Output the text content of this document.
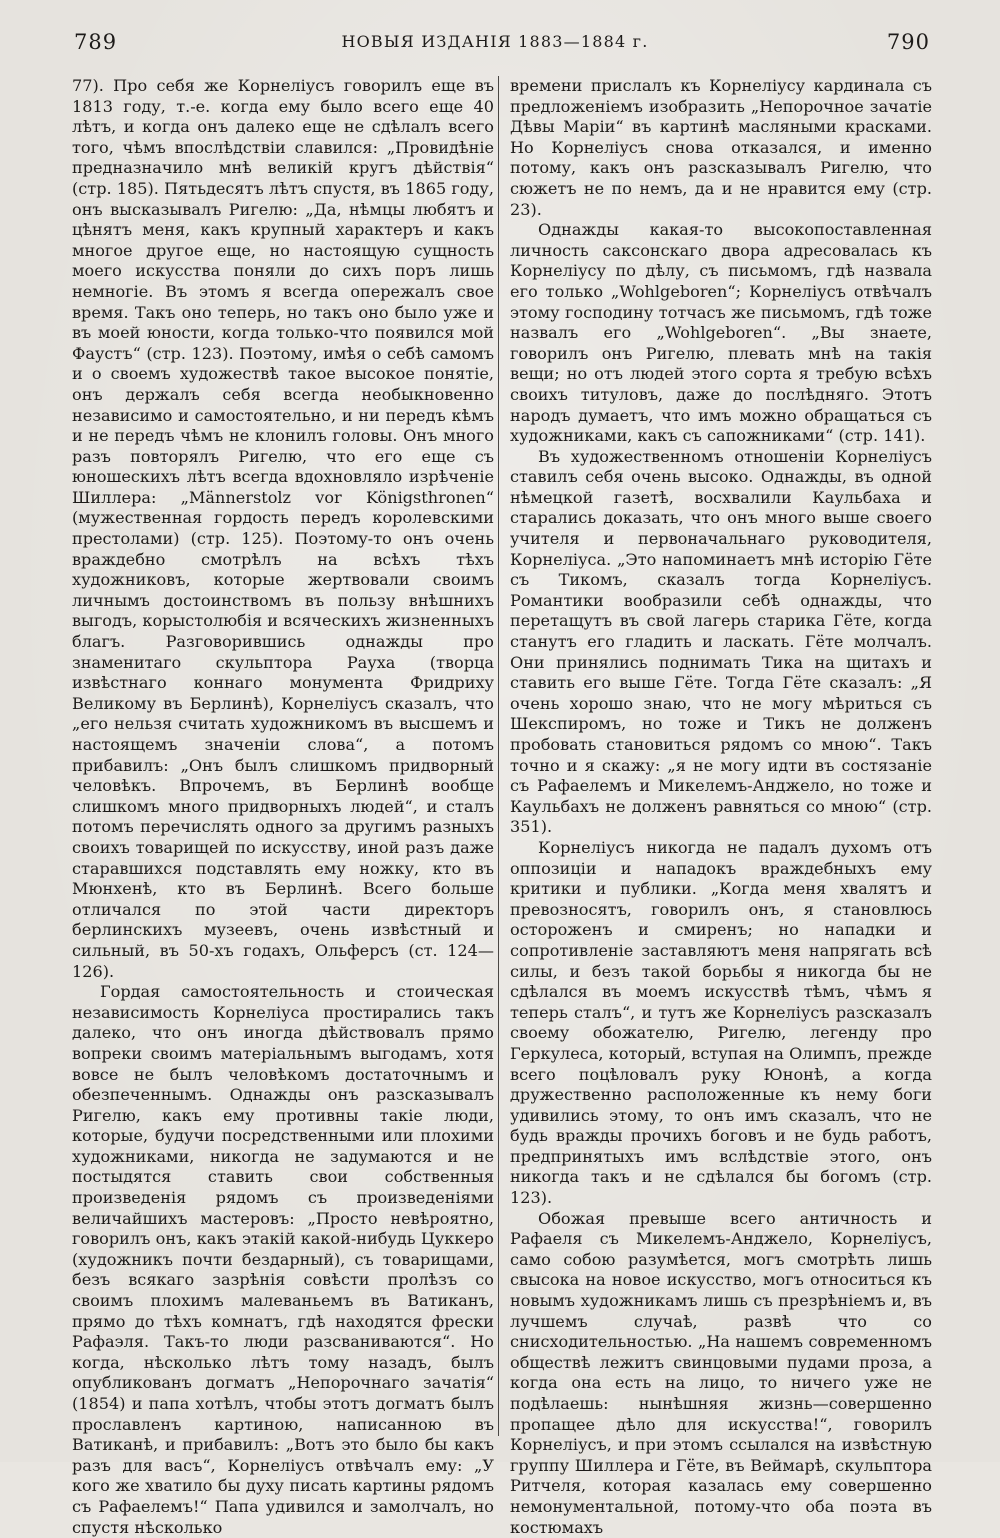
789	НОВЫЯ ИЗДАНІЯ 1883—1884 г.	790

77). Про себя же Корнеліусъ говорилъ еще въ 1813 году, т.-е. когда ему было всего еще 40 лѣтъ, и когда онъ далеко еще не сдѣлалъ всего того, чѣмъ впослѣдствіи славился: „Провидѣніе предназначило мнѣ великій кругъ дѣйствія“ (стр. 185). Пятьдесятъ лѣтъ спустя, въ 1865 году, онъ высказывалъ Ригелю: „Да, нѣмцы любятъ и цѣнятъ меня, какъ крупный характеръ и какъ многое другое еще, но настоящую сущность моего искусства поняли до сихъ поръ лишь немногіе. Въ этомъ я всегда опережалъ свое время. Такъ оно теперь, но такъ оно было уже и въ моей юности, когда только-что появился мой Фаустъ“ (стр. 123). Поэтому, имѣя о себѣ самомъ и о своемъ художествѣ такое высокое понятіе, онъ держалъ себя всегда необыкновенно независимо и самостоятельно, и ни передъ кѣмъ и не передъ чѣмъ не клонилъ головы. Онъ много разъ повторялъ Ригелю, что его еще съ юношескихъ лѣтъ всегда вдохновляло изрѣченіе Шиллера: „Männerstolz vor Königsthronen“ (мужественная гордость передъ королевскими престолами) (стр. 125). Поэтому-то онъ очень враждебно смотрѣлъ на всѣхъ тѣхъ художниковъ, которые жертвовали своимъ личнымъ достоинствомъ въ пользу внѣшнихъ выгодъ, корыстолюбія и всяческихъ жизненныхъ благъ. Разговорившись однажды про знаменитаго скульптора Рауха (творца извѣстнаго коннаго монумента Фридриху Великому въ Берлинѣ), Корнеліусъ сказалъ, что „его нельзя считать художникомъ въ высшемъ и настоящемъ значеніи слова“, а потомъ прибавилъ: „Онъ былъ слишкомъ придворный человѣкъ. Впрочемъ, въ Берлинѣ вообще слишкомъ много придворныхъ людей“, и сталъ потомъ перечислять одного за другимъ разныхъ своихъ товарищей по искусству, иной разъ даже старавшихся подставлять ему ножку, кто въ Мюнхенѣ, кто въ Берлинѣ. Всего больше отличался по этой части директоръ берлинскихъ музеевъ, очень извѣстный и сильный, въ 50-хъ годахъ, Ольферсъ (ст. 124—126).

Гордая самостоятельность и стоическая независимость Корнеліуса простирались такъ далеко, что онъ иногда дѣйствовалъ прямо вопреки своимъ матеріальнымъ выгодамъ, хотя вовсе не былъ человѣкомъ достаточнымъ и обезпеченнымъ. Однажды онъ разсказывалъ Ригелю, какъ ему противны такіе люди, которые, будучи посредственными или плохими художниками, никогда не задумаются и не постыдятся ставить свои собственныя произведенія рядомъ съ произведеніями величайшихъ мастеровъ: „Просто невѣроятно, говорилъ онъ, какъ этакій какой-нибудь Цуккеро (художникъ почти бездарный), съ товарищами, безъ всякаго зазрѣнія совѣсти пролѣзъ со своимъ плохимъ малеваньемъ въ Ватиканъ, прямо до тѣхъ комнатъ, гдѣ находятся фрески Рафаэля. Такъ-то люди разсваниваются“. Но когда, нѣсколько лѣтъ тому назадъ, былъ опубликованъ догматъ „Непорочнаго зачатія“ (1854) и папа хотѣлъ, чтобы этотъ догматъ былъ прославленъ картиною, написанною въ Ватиканѣ, и прибавилъ: „Вотъ это было бы какъ разъ для васъ“, Корнеліусъ отвѣчалъ ему: „У кого же хватило бы духу писать картины рядомъ съ Рафаелемъ!“ Папа удивился и замолчалъ, но спустя нѣсколько

времени прислалъ къ Корнеліусу кардинала съ предложеніемъ изобразить „Непорочное зачатіе Дѣвы Маріи“ въ картинѣ масляными красками. Но Корнеліусъ снова отказался, и именно потому, какъ онъ разсказывалъ Ригелю, что сюжетъ не по немъ, да и не нравится ему (стр. 23).

Однажды какая-то высокопоставленная личность саксонскаго двора адресовалась къ Корнеліусу по дѣлу, съ письмомъ, гдѣ назвала его только „Wohlgeboren“; Корнеліусъ отвѣчалъ этому господину тотчасъ же письмомъ, гдѣ тоже назвалъ его „Wohlgeboren“. „Вы знаете, говорилъ онъ Ригелю, плевать мнѣ на такія вещи; но отъ людей этого сорта я требую всѣхъ своихъ титуловъ, даже до послѣдняго. Этотъ народъ думаетъ, что имъ можно обращаться съ художниками, какъ съ сапожниками“ (стр. 141).

Въ художественномъ отношеніи Корнеліусъ ставилъ себя очень высоко. Однажды, въ одной нѣмецкой газетѣ, восхвалили Каульбаха и старались доказать, что онъ много выше своего учителя и первоначальнаго руководителя, Корнеліуса. „Это напоминаетъ мнѣ исторію Гёте съ Тикомъ, сказалъ тогда Корнеліусъ. Романтики вообразили себѣ однажды, что перетащутъ въ свой лагерь старика Гёте, когда станутъ его гладить и ласкать. Гёте молчалъ. Они принялись поднимать Тика на щитахъ и ставить его выше Гёте. Тогда Гёте сказалъ: „Я очень хорошо знаю, что не могу мѣриться съ Шекспиромъ, но тоже и Тикъ не долженъ пробовать становиться рядомъ со мною“. Такъ точно и я скажу: „я не могу идти въ состязаніе съ Рафаелемъ и Микелемъ-Анджело, но тоже и Каульбахъ не долженъ равняться со мною“ (стр. 351).

Корнеліусъ никогда не падалъ духомъ отъ оппозиціи и нападокъ враждебныхъ ему критики и публики. „Когда меня хвалятъ и превозносятъ, говорилъ онъ, я становлюсь остороженъ и смиренъ; но нападки и сопротивленіе заставляютъ меня напрягать всѣ силы, и безъ такой борьбы я никогда бы не сдѣлался въ моемъ искусствѣ тѣмъ, чѣмъ я теперь сталъ“, и тутъ же Корнеліусъ разсказалъ своему обожателю, Ригелю, легенду про Геркулеса, который, вступая на Олимпъ, прежде всего поцѣловалъ руку Юнонѣ, а когда дружественно расположенные къ нему боги удивились этому, то онъ имъ сказалъ, что не будь вражды прочихъ боговъ и не будь работъ, предпринятыхъ имъ вслѣдствіе этого, онъ никогда такъ и не сдѣлался бы богомъ (стр. 123).

Обожая превыше всего античность и Рафаеля съ Микелемъ-Анджело, Корнеліусъ, само собою разумѣется, могъ смотрѣть лишь свысока на новое искусство, могъ относиться къ новымъ художникамъ лишь съ презрѣніемъ и, въ лучшемъ случаѣ, развѣ что со снисходительностью. „На нашемъ современномъ обществѣ лежитъ свинцовыми пудами проза, а когда она есть на лицо, то ничего уже не подѣлаешь: нынѣшняя жизнь—совершенно пропащее дѣло для искусства!“, говорилъ Корнеліусъ, и при этомъ ссылался на извѣстную группу Шиллера и Гёте, въ Веймарѣ, скульптора Ритчеля, которая казалась ему совершенно немонументальной, потому-что оба поэта въ костюмахъ
